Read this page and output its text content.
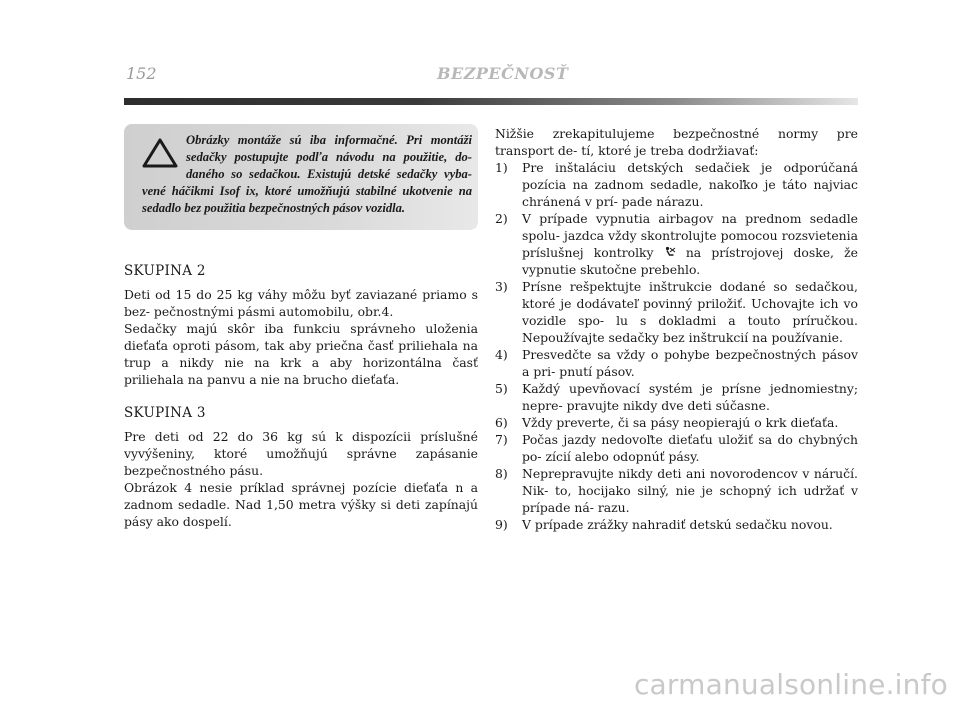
152	BEZPEČNOSŤ

Obrázky montáže sú iba informačné. Pri montáži sedačky postupujte podľa návodu na použitie, do- daného so sedačkou. Existujú detské sedačky vyba- vené háčikmi Isof ix, ktoré umožňujú stabilné ukotvenie na sedadlo bez použitia bezpečnostných pásov vozidla.

SKUPINA 2

Deti od 15 do 25 kg váhy môžu byť zaviazané priamo s bez- pečnostnými pásmi automobilu, obr.4.

Sedačky majú skôr iba funkciu správneho uloženia dieťaťa oproti pásom, tak aby priečna časť priliehala na trup a nikdy nie na krk a aby horizontálna časť priliehala na panvu a nie na brucho dieťaťa.

SKUPINA 3

Pre deti od 22 do 36 kg sú k dispozícii príslušné vyvýšeniny, ktoré umožňujú správne zapásanie bezpečnostného pásu.

Obrázok 4 nesie príklad správnej pozície dieťaťa n a zadnom sedadle. Nad 1,50 metra výšky si deti zapínajú pásy ako dospelí.

Nižšie zrekapitulujeme bezpečnostné normy pre transport de- tí, ktoré je treba dodržiavať:

1) Pre inštaláciu detských sedačiek je odporúčaná pozícia na zadnom sedadle, nakoľko je táto najviac chránená v prí- pade nárazu.
2) V prípade vypnutia airbagov na prednom sedadle spolu- jazdca vždy skontrolujte pomocou rozsvietenia príslušnej kontrolky  na prístrojovej doske, že vypnutie skutočne prebehlo.
3) Prísne rešpektujte inštrukcie dodané so sedačkou, ktoré je dodávateľ povinný priložiť. Uchovajte ich vo vozidle spo- lu s dokladmi a touto príručkou. Nepoužívajte sedačky bez inštrukcií na používanie.
4) Presvedčte sa vždy o pohybe bezpečnostných pásov a pri- pnutí pásov.
5) Každý upevňovací systém je prísne jednomiestny; nepre- pravujte nikdy dve deti súčasne.
6) Vždy preverte, či sa pásy neopierajú o krk dieťaťa.
7) Počas jazdy nedovoľte dieťaťu uložiť sa do chybných po- zícií alebo odopnúť pásy.
8) Neprepravujte nikdy deti ani novorodencov v náručí. Nik- to, hocijako silný, nie je schopný ich udržať v prípade ná- razu.
9) V prípade zrážky nahradiť detskú sedačku novou.
carmanualsonline.info
